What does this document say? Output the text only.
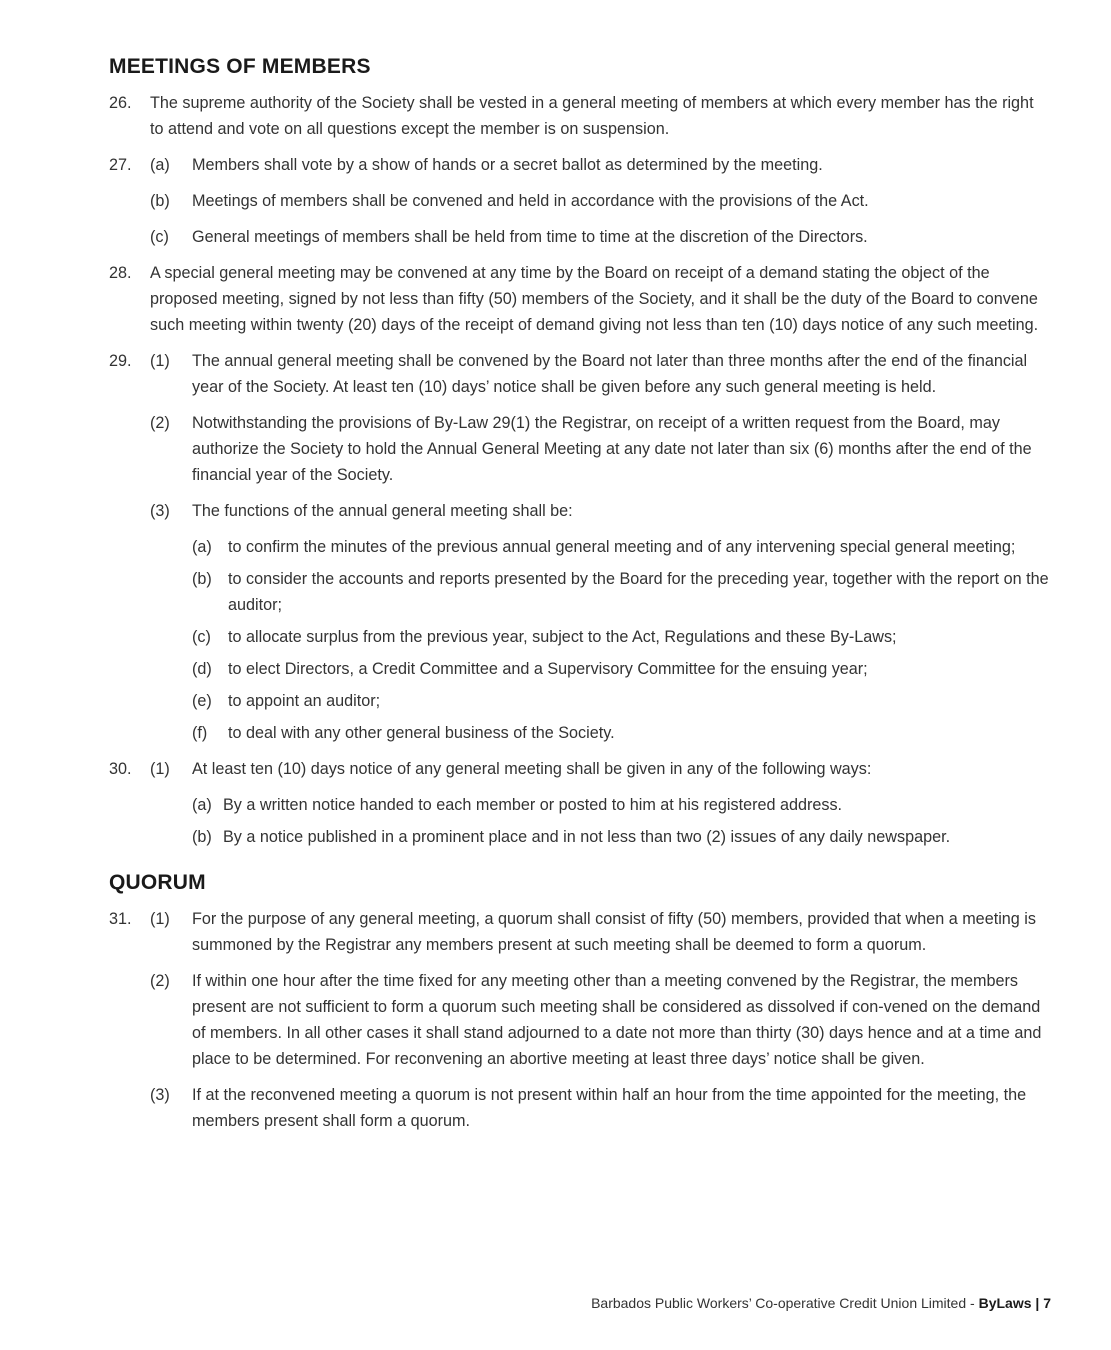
MEETINGS OF MEMBERS
26.	The supreme authority of the Society shall be vested in a general meeting of members at which every member has the right to attend and vote on all questions except the member is on suspension.
27.	(a)	Members shall vote by a show of hands or a secret ballot as determined by the meeting.
(b)	Meetings of members shall be convened and held in accordance with the provisions of the Act.
(c)	General meetings of members shall be held from time to time at the discretion of the Directors.
28.	A special general meeting may be convened at any time by the Board on receipt of a demand stating the object of the proposed meeting, signed by not less than fifty (50) members of the Society, and it shall be the duty of the Board to convene such meeting within twenty (20) days of the receipt of demand giving not less than ten (10) days notice of any such meeting.
29.	(1)	The annual general meeting shall be convened by the Board not later than three months after the end of the financial year of the Society. At least ten (10) days’ notice shall be given before any such general meeting is held.
(2)	Notwithstanding the provisions of By-Law 29(1) the Registrar, on receipt of a written request from the Board, may authorize the Society to hold the Annual General Meeting at any date not later than six (6) months after the end of the financial year of the Society.
(3)	The functions of the annual general meeting shall be:
(a)	to confirm the minutes of the previous annual general meeting and of any intervening special general meeting;
(b)	to consider the accounts and reports presented by the Board for the preceding year, together with the report on the auditor;
(c)	to allocate surplus from the previous year, subject to the Act, Regulations and these By-Laws;
(d)	to elect Directors, a Credit Committee and a Supervisory Committee for the ensuing year;
(e)	to appoint an auditor;
(f)	to deal with any other general business of the Society.
30.	(1)	At least ten (10) days notice of any general meeting shall be given in any of the following ways:
(a) By a written notice handed to each member or posted to him at his registered address.
(b) By a notice published in a prominent place and in not less than two (2) issues of any daily newspaper.
QUORUM
31.	(1)	For the purpose of any general meeting, a quorum shall consist of fifty (50) members, provided that when a meeting is summoned by the Registrar any members present at such meeting shall be deemed to form a quorum.
(2)	If within one hour after the time fixed for any meeting other than a meeting convened by the Registrar, the members present are not sufficient to form a quorum such meeting shall be considered as dissolved if con-vened on the demand of members. In all other cases it shall stand adjourned to a date not more than thirty (30) days hence and at a time and place to be determined. For reconvening an abortive meeting at least three days’ notice shall be given.
(3)	If at the reconvened meeting a quorum is not present within half an hour from the time appointed for the meeting, the members present shall form a quorum.
Barbados Public Workers’ Co-operative Credit Union Limited - ByLaws | 7
